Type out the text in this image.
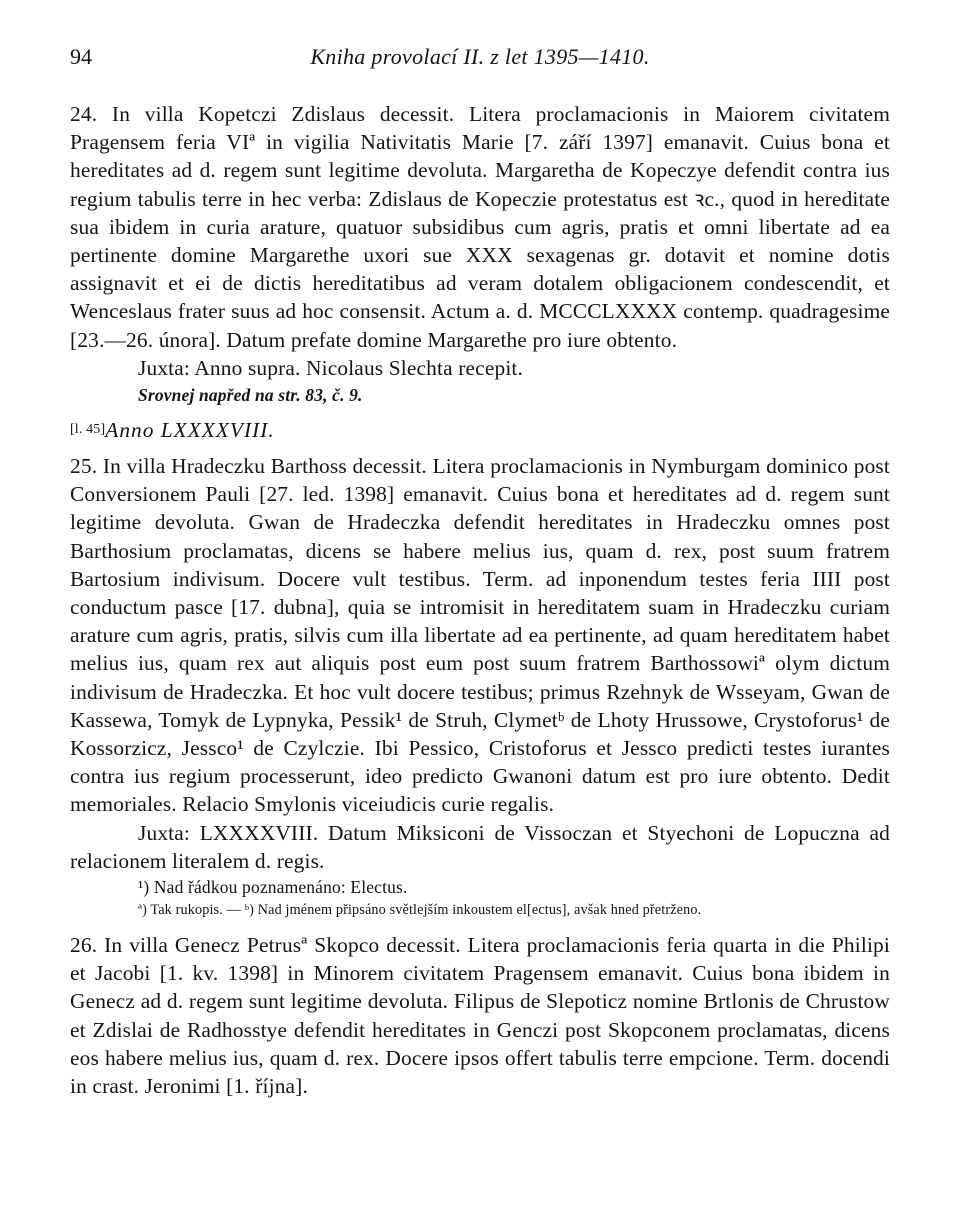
94	Kniha provolací II. z let 1395—1410.

24. In villa Kopetczi Zdislaus decessit. Litera proclamacionis in Maiorem civitatem Pragensem feria VIª in vigilia Nativitatis Marie [7. září 1397] emanavit. Cuius bona et hereditates ad d. regem sunt legitime devoluta. Margaretha de Kopeczye defendit contra ius regium tabulis terre in hec verba: Zdislaus de Kopeczie protestatus est ꝛc., quod in hereditate sua ibidem in curia arature, quatuor subsidibus cum agris, pratis et omni libertate ad ea pertinente domine Margarethe uxori sue XXX sexagenas gr. dotavit et nomine dotis assignavit et ei de dictis hereditatibus ad veram dotalem obligacionem condescendit, et Wenceslaus frater suus ad hoc consensit. Actum a. d. MCCCLXXXX contemp. quadragesime [23.—26. února]. Datum prefate domine Margarethe pro iure obtento.

Juxta: Anno supra. Nicolaus Slechta recepit.

Srovnej napřed na str. 83, č. 9.

[l. 45]Anno LXXXXVIII.

25. In villa Hradeczku Barthoss decessit. Litera proclamacionis in Nymburgam dominico post Conversionem Pauli [27. led. 1398] emanavit. Cuius bona et hereditates ad d. regem sunt legitime devoluta. Gwan de Hradeczka defendit hereditates in Hradeczku omnes post Barthosium proclamatas, dicens se habere melius ius, quam d. rex, post suum fratrem Bartosium indivisum. Docere vult testibus. Term. ad inponendum testes feria IIII post conductum pasce [17. dubna], quia se intromisit in hereditatem suam in Hradeczku curiam arature cum agris, pratis, silvis cum illa libertate ad ea pertinente, ad quam hereditatem habet melius ius, quam rex aut aliquis post eum post suum fratrem Barthossowiª olym dictum indivisum de Hradeczka. Et hoc vult docere testibus; primus Rzehnyk de Wsseyam, Gwan de Kassewa, Tomyk de Lypnyka, Pessik¹ de Struh, Clymetᵇ de Lhoty Hrussowe, Crystoforus¹ de Kossorzicz, Jessco¹ de Czylczie. Ibi Pessico, Cristoforus et Jessco predicti testes iurantes contra ius regium processerunt, ideo predicto Gwanoni datum est pro iure obtento. Dedit memoriales. Relacio Smylonis viceiudicis curie regalis.

Juxta: LXXXXVIII. Datum Miksiconi de Vissoczan et Styechoni de Lopuczna ad relacionem literalem d. regis.

¹) Nad řádkou poznamenáno: Electus.

ª) Tak rukopis. — ᵇ) Nad jménem připsáno světlejším inkoustem el[ectus], avšak hned přetrženo.

26. In villa Genecz Petrusª Skopco decessit. Litera proclamacionis feria quarta in die Philipi et Jacobi [1. kv. 1398] in Minorem civitatem Pragensem emanavit. Cuius bona ibidem in Genecz ad d. regem sunt legitime devoluta. Filipus de Slepoticz nomine Brtlonis de Chrustow et Zdislai de Radhosstye defendit hereditates in Genczi post Skopconem proclamatas, dicens eos habere melius ius, quam d. rex. Docere ipsos offert tabulis terre empcione. Term. docendi in crast. Jeronimi [1. října].
